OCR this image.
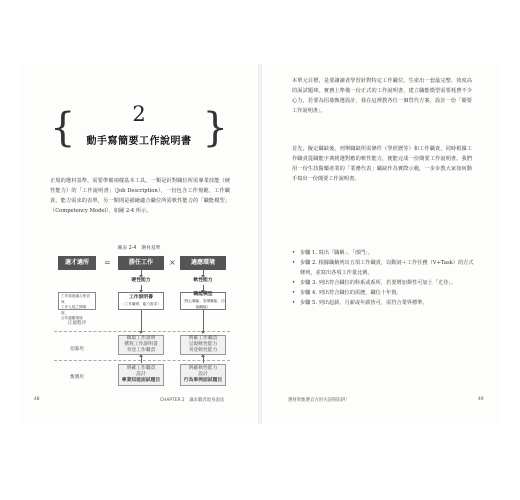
{	}
2
動手寫簡要工作說明書
正規的選材基準，需要準備兩樣基本工具。一類是針對職位所需專業技能（硬性能力）的「工作說明書」（Job Description），一份包含工作規範、工作職責、能力需求的表單，另一類則是描繪適合職位所需軟性能力的「職能模型」（Competency Model），如圖 2-4 所示。
圖表 2-4　選材基準
適才適所	=	勝任工作	×	適應環境
硬性能力	軟性能力
工作環境適合度須與
工作人員之間環境、
合作適應環境
正規程序
工作說明書
（工作職責、能力需求）
職能模型
（核心職能、管理職能、功能職能）
招募用
擷取工作說明
撰寫工作說明書
刊登工作職責
明確工作職責
呈現軟性能力
刊登軟性能力
甄選用
明確工作職責
設計
專業知能面試題目
明確軟性能力
設計
行為事例面試題目
48	CHAPTER 2　讓求職者現身說法
本單元目標，是要讓讀者學習針對特定工作職位，生產出一套最完整、效度高的面試題庫。實務上準備一份正式的工作說明書，建立職能模型需要耗費不少心力，若要為招募甄選設計，我在這裡教各位一個替代方案，設計一份「簡要工作說明書」。
首先，擬定職缺後，列舉職缺所需條件（學經歷等）和工作職責，同時根據工作職責從職能字典挑選對應的軟性能力，便能完成一份簡要工作說明書。我們用一份生技醫藥產業的「業務代表」職缺作為實際示範，一步步教大家如何動手寫出一份簡要工作說明書。
• 步驟 1. 寫出「職稱」、「部門」。
• 步驟 2. 根據職稱列出五項工作職責，以動詞＋工作任務（V+Task）的方式條列，並寫出各項工作量比例。
• 步驟 3. 列出符合職位的科系或系所，若要增加彈性可加上「尤佳」。
• 步驟 4. 列出符合職位的需歷，職位十年資。
• 步驟 5. 列出起薪、月薪或年薪皆可，需符合業界標準。
選材與甄選官方的失誤與陷阱！	49
